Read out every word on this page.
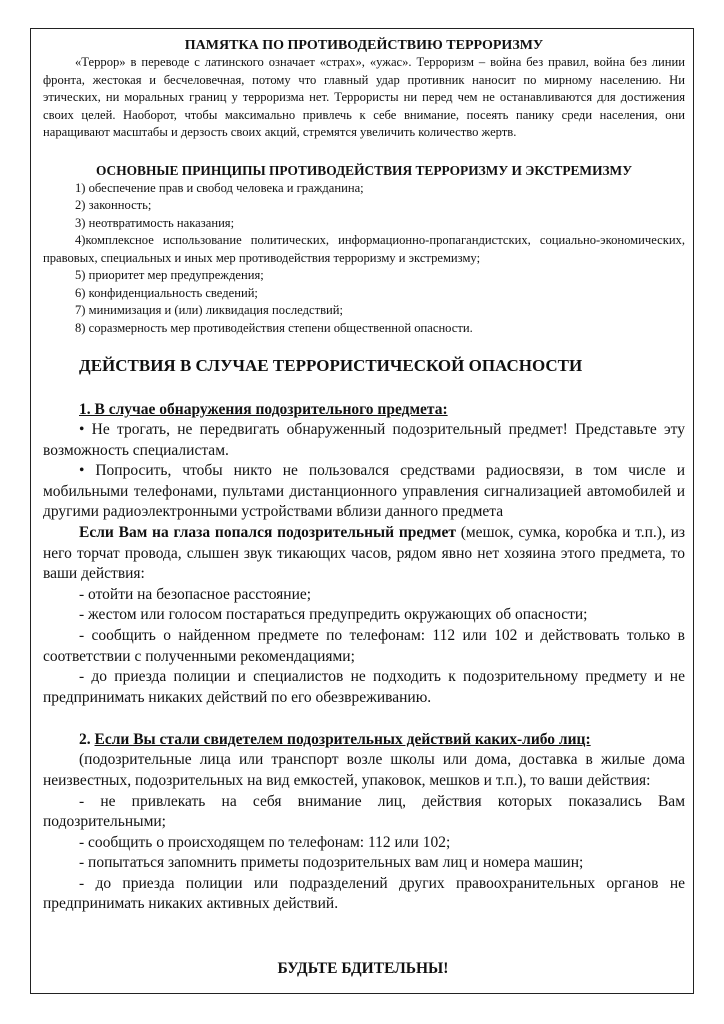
ПАМЯТКА ПО ПРОТИВОДЕЙСТВИЮ ТЕРРОРИЗМУ

«Террор» в переводе с латинского означает «страх», «ужас». Терроризм – война без правил, война без линии фронта, жестокая и бесчеловечная, потому что главный удар противник наносит по мирному населению. Ни этических, ни моральных границ у терроризма нет. Террористы ни перед чем не останавливаются для достижения своих целей. Наоборот, чтобы максимально привлечь к себе внимание, посеять панику среди населения, они наращивают масштабы и дерзость своих акций, стремятся увеличить количество жертв.

ОСНОВНЫЕ ПРИНЦИПЫ ПРОТИВОДЕЙСТВИЯ ТЕРРОРИЗМУ И ЭКСТРЕМИЗМУ

1) обеспечение прав и свобод человека и гражданина;

2) законность;

3) неотвратимость наказания;

4)комплексное использование политических, информационно-пропагандистских, социально-экономических, правовых, специальных и иных мер противодействия терроризму и экстремизму;

5) приоритет мер предупреждения;

6) конфиденциальность сведений;

7) минимизация и (или) ликвидация последствий;

8) соразмерность мер противодействия степени общественной опасности.

ДЕЙСТВИЯ В СЛУЧАЕ ТЕРРОРИСТИЧЕСКОЙ ОПАСНОСТИ

1. В случае обнаружения подозрительного предмета:

• Не трогать, не передвигать обнаруженный подозрительный предмет! Представьте эту возможность специалистам.

• Попросить, чтобы никто не пользовался средствами радиосвязи, в том числе и мобильными телефонами, пультами дистанционного управления сигнализацией автомобилей и другими радиоэлектронными устройствами вблизи данного предмета

Если Вам на глаза попался подозрительный предмет (мешок, сумка, коробка и т.п.), из него торчат провода, слышен звук тикающих часов, рядом явно нет хозяина этого предмета, то ваши действия:

- отойти на безопасное расстояние;

- жестом или голосом постараться предупредить окружающих об опасности;

- сообщить о найденном предмете по телефонам: 112 или 102 и действовать только в соответствии с полученными рекомендациями;

- до приезда полиции и специалистов не подходить к подозрительному предмету и не предпринимать никаких действий по его обезвреживанию.

2. Если Вы стали свидетелем подозрительных действий каких-либо лиц:

(подозрительные лица или транспорт возле школы или дома, доставка в жилые дома неизвестных, подозрительных на вид емкостей, упаковок, мешков и т.п.), то ваши действия:

- не привлекать на себя внимание лиц, действия которых показались Вам подозрительными;

- сообщить о происходящем по телефонам: 112 или 102;

- попытаться запомнить приметы подозрительных вам лиц и номера машин;

- до приезда полиции или подразделений других правоохранительных органов не предпринимать никаких активных действий.

БУДЬТЕ БДИТЕЛЬНЫ!
